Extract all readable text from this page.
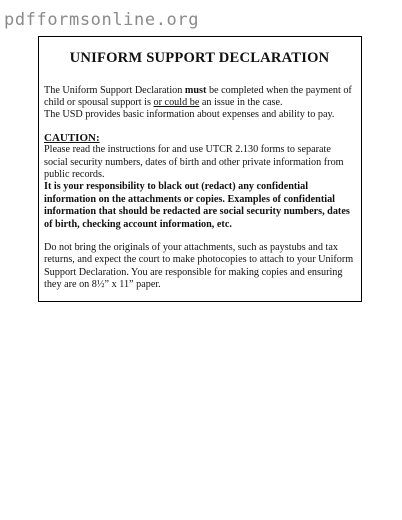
pdfformsonline.org
UNIFORM SUPPORT DECLARATION

The Uniform Support Declaration must be completed when the payment of child or spousal support is or could be an issue in the case.

The USD provides basic information about expenses and ability to pay.

CAUTION:

Please read the instructions for and use UTCR 2.130 forms to separate social security numbers, dates of birth and other private information from public records.

It is your responsibility to black out (redact) any confidential information on the attachments or copies. Examples of confidential information that should be redacted are social security numbers, dates of birth, checking account information, etc.

Do not bring the originals of your attachments, such as paystubs and tax returns, and expect the court to make photocopies to attach to your Uniform Support Declaration. You are responsible for making copies and ensuring they are on 8½” x 11” paper.
